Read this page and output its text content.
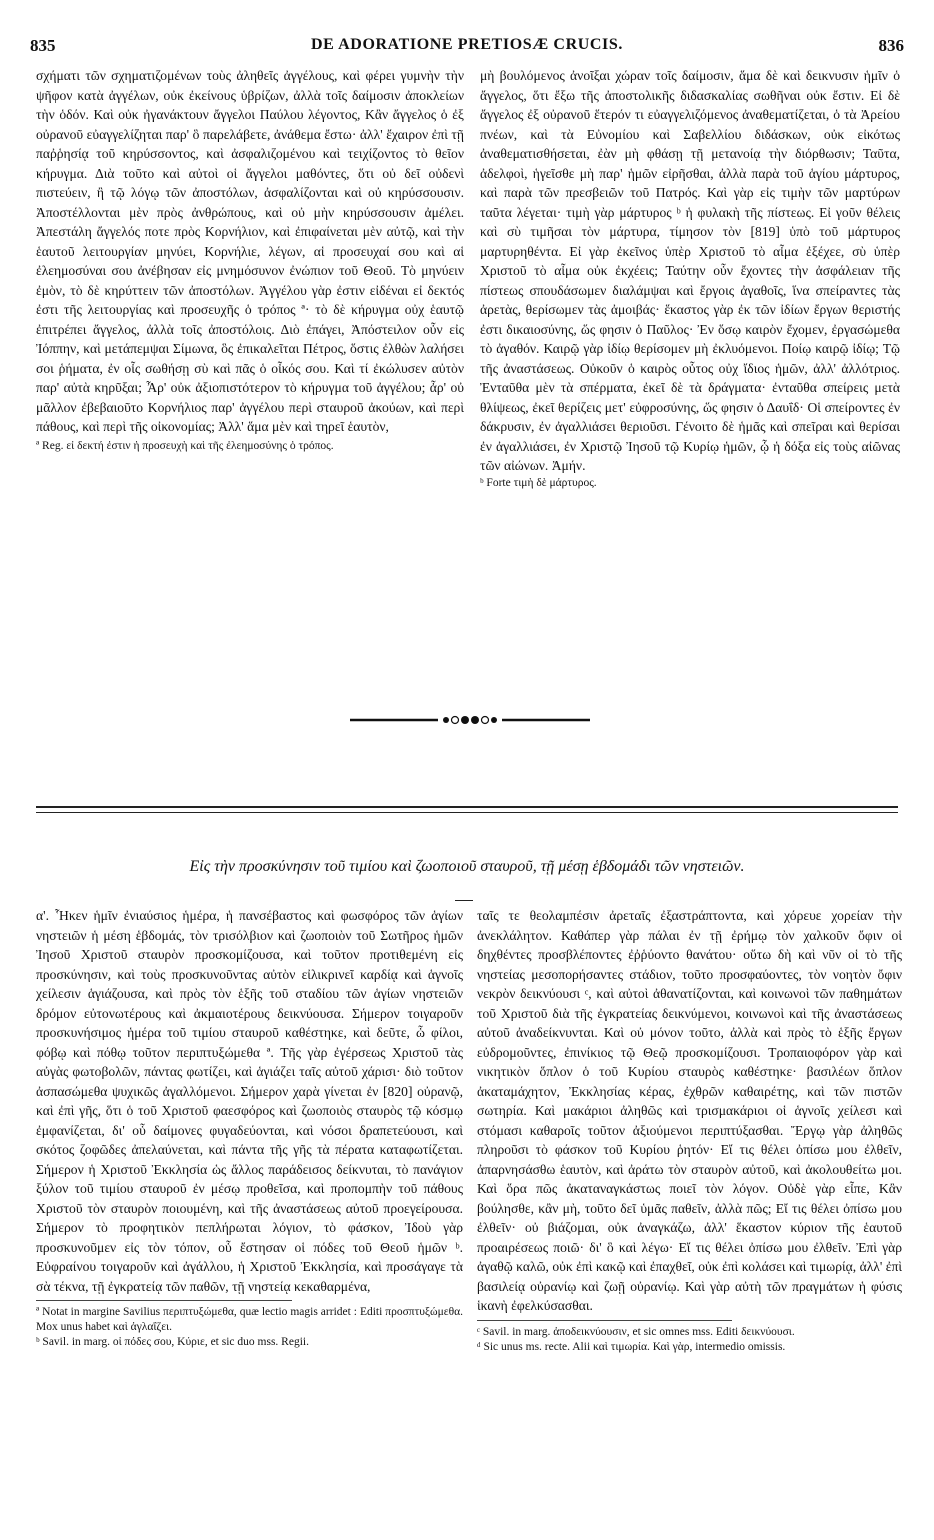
835	DE ADORATIONE PRETIOSÆ CRUCIS.	836

σχήματι τῶν σχηματιζομένων τοὺς ἀληθεῖς ἀγγέλους, καὶ φέρει γυμνὴν τὴν ψῆφον κατὰ ἀγγέλων, οὐκ ἐκείνους ὑβρίζων, ἀλλὰ τοῖς δαίμοσιν ἀποκλείων τὴν ὁδόν. Καὶ οὐκ ἠγανάκτουν ἄγγελοι Παύλου λέγοντος, Κἂν ἄγγελος ὁ ἐξ οὐρανοῦ εὐαγγελίζηται παρ' ὃ παρελάβετε, ἀνάθεμα ἔστω· ἀλλ' ἔχαιρον ἐπὶ τῇ παῤῥησίᾳ τοῦ κηρύσσοντος, καὶ ἀσφαλιζομένου καὶ τειχίζοντος τὸ θεῖον κήρυγμα. Διὰ τοῦτο καὶ αὐτοὶ οἱ ἄγγελοι μαθόντες, ὅτι οὐ δεῖ οὐδενὶ πιστεύειν, ἢ τῷ λόγῳ τῶν ἀποστόλων, ἀσφαλίζονται καὶ οὐ κηρύσσουσιν. Ἀποστέλλονται μὲν πρὸς ἀνθρώπους, καὶ οὐ μὴν κηρύσσουσιν ἀμέλει. Ἀπεστάλη ἄγγελός ποτε πρὸς Κορνήλιον, καὶ ἐπιφαίνεται μὲν αὐτῷ, καὶ τὴν ἑαυτοῦ λειτουργίαν μηνύει, Κορνήλιε, λέγων, αἱ προσευχαί σου καὶ αἱ ἐλεημοσύναι σου ἀνέβησαν εἰς μνημόσυνον ἐνώπιον τοῦ Θεοῦ. Τὸ μηνύειν ἐμὸν, τὸ δὲ κηρύττειν τῶν ἀποστόλων. Ἀγγέλου γὰρ ἐστιν εἰδέναι εἰ δεκτός ἐστι τῆς λειτουργίας καὶ προσευχῆς ὁ τρόπος ª· τὸ δὲ κήρυγμα οὐχ ἑαυτῷ ἐπιτρέπει ἄγγελος, ἀλλὰ τοῖς ἀποστόλοις. Διὸ ἐπάγει, Ἀπόστειλον οὖν εἰς Ἰόππην, καὶ μετάπεμψαι Σίμωνα, ὃς ἐπικαλεῖται Πέτρος, ὅστις ἐλθὼν λαλήσει σοι ῥήματα, ἐν οἷς σωθήσῃ σὺ καὶ πᾶς ὁ οἶκός σου. Καὶ τί ἐκώλυσεν αὐτὸν παρ' αὐτὰ κηρῦξαι; Ἆρ' οὐκ ἀξιοπιστότερον τὸ κήρυγμα τοῦ ἀγγέλου; ἆρ' οὐ μᾶλλον ἐβεβαιοῦτο Κορνήλιος παρ' ἀγγέλου περὶ σταυροῦ ἀκούων, καὶ περὶ πάθους, καὶ περὶ τῆς οἰκονομίας; Ἀλλ' ἅμα μὲν καὶ τηρεῖ ἑαυτὸν,

ª Reg. εἰ δεκτή ἐστιν ἡ προσευχὴ καὶ τῆς ἐλεημοσύνης ὁ τρόπος.

μὴ βουλόμενος ἀνοῖξαι χώραν τοῖς δαίμοσιν, ἅμα δὲ καὶ δεικνυσιν ἡμῖν ὁ ἄγγελος, ὅτι ἔξω τῆς ἀποστολικῆς διδασκαλίας σωθῆναι οὐκ ἔστιν. Εἰ δὲ ἄγγελος ἐξ οὐρανοῦ ἕτερόν τι εὐαγγελιζόμενος ἀναθεματίζεται, ὁ τὰ Ἀρείου πνέων, καὶ τὰ Εὐνομίου καὶ Σαβελλίου διδάσκων, οὐκ εἰκότως ἀναθεματισθήσεται, ἐὰν μὴ φθάσῃ τῇ μετανοίᾳ τὴν διόρθωσιν; Ταῦτα, ἀδελφοὶ, ἡγεῖσθε μὴ παρ' ἡμῶν εἰρῆσθαι, ἀλλὰ παρὰ τοῦ ἁγίου μάρτυρος, καὶ παρὰ τῶν πρεσβειῶν τοῦ Πατρός. Καὶ γὰρ εἰς τιμὴν τῶν μαρτύρων ταῦτα λέγεται· τιμὴ γὰρ μάρτυρος ᵇ ἡ φυλακὴ τῆς πίστεως. Εἰ γοῦν θέλεις καὶ σὺ τιμῆσαι τὸν μάρτυρα, τίμησον τὸν [819] ὑπὸ τοῦ μάρτυρος μαρτυρηθέντα. Εἰ γὰρ ἐκεῖνος ὑπὲρ Χριστοῦ τὸ αἷμα ἐξέχεε, σὺ ὑπὲρ Χριστοῦ τὸ αἷμα οὐκ ἐκχέεις; Ταύτην οὖν ἔχοντες τὴν ἀσφάλειαν τῆς πίστεως σπουδάσωμεν διαλάμψαι καὶ ἔργοις ἀγαθοῖς, ἵνα σπείραντες τὰς ἀρετὰς, θερίσωμεν τὰς ἀμοιβάς· ἕκαστος γὰρ ἐκ τῶν ἰδίων ἔργων θεριστής ἐστι δικαιοσύνης, ὥς φησιν ὁ Παῦλος· Ἐν ὅσῳ καιρὸν ἔχομεν, ἐργασώμεθα τὸ ἀγαθόν. Καιρῷ γὰρ ἰδίῳ θερίσομεν μὴ ἐκλυόμενοι. Ποίῳ καιρῷ ἰδίῳ; Τῷ τῆς ἀναστάσεως. Οὐκοῦν ὁ καιρὸς οὗτος οὐχ ἴδιος ἡμῶν, ἀλλ' ἀλλότριος. Ἐνταῦθα μὲν τὰ σπέρματα, ἐκεῖ δὲ τὰ δράγματα· ἐνταῦθα σπείρεις μετὰ θλίψεως, ἐκεῖ θερίζεις μετ' εὐφροσύνης, ὥς φησιν ὁ Δαυΐδ· Οἱ σπείροντες ἐν δάκρυσιν, ἐν ἀγαλλιάσει θεριοῦσι. Γένοιτο δὲ ἡμᾶς καὶ σπεῖραι καὶ θερίσαι ἐν ἀγαλλιάσει, ἐν Χριστῷ Ἰησοῦ τῷ Κυρίῳ ἡμῶν, ᾧ ἡ δόξα εἰς τοὺς αἰῶνας τῶν αἰώνων. Ἀμήν.

ᵇ Forte τιμὴ δὲ μάρτυρος.

Εἰς τὴν προσκύνησιν τοῦ τιμίου καὶ ζωοποιοῦ σταυροῦ, τῇ μέσῃ ἑβδομάδι τῶν νηστειῶν.

α'. Ἧκεν ἡμῖν ἐνιαύσιος ἡμέρα, ἡ πανσέβαστος καὶ φωσφόρος τῶν ἁγίων νηστειῶν ἡ μέση ἑβδομάς, τὸν τρισόλβιον καὶ ζωοποιὸν τοῦ Σωτῆρος ἡμῶν Ἰησοῦ Χριστοῦ σταυρὸν προσκομίζουσα, καὶ τοῦτον προτιθεμένη εἰς προσκύνησιν, καὶ τοὺς προσκυνοῦντας αὐτὸν εἰλικρινεῖ καρδίᾳ καὶ ἁγνοῖς χείλεσιν ἁγιάζουσα, καὶ πρὸς τὸν ἑξῆς τοῦ σταδίου τῶν ἁγίων νηστειῶν δρόμον εὐτονωτέρους καὶ ἀκμαιοτέρους δεικνύουσα. Σήμερον τοιγαροῦν προσκυνήσιμος ἡμέρα τοῦ τιμίου σταυροῦ καθέστηκε, καὶ δεῦτε, ὦ φίλοι, φόβῳ καὶ πόθῳ τοῦτον περιπτυξώμεθα ª. Τῆς γὰρ ἐγέρσεως Χριστοῦ τὰς αὐγὰς φωτοβολῶν, πάντας φωτίζει, καὶ ἁγιάζει ταῖς αὐτοῦ χάρισι· διὸ τοῦτον ἀσπασώμεθα ψυχικῶς ἀγαλλόμενοι. Σήμερον χαρὰ γίνεται ἐν [820] οὐρανῷ, καὶ ἐπὶ γῆς, ὅτι ὁ τοῦ Χριστοῦ φαεσφόρος καὶ ζωοποιὸς σταυρὸς τῷ κόσμῳ ἐμφανίζεται, δι' οὗ δαίμονες φυγαδεύονται, καὶ νόσοι δραπετεύουσι, καὶ σκότος ζοφῶδες ἀπελαύνεται, καὶ πάντα τῆς γῆς τὰ πέρατα καταφωτίζεται. Σήμερον ἡ Χριστοῦ Ἐκκλησία ὡς ἄλλος παράδεισος δείκνυται, τὸ πανάγιον ξύλον τοῦ τιμίου σταυροῦ ἐν μέσῳ προθεῖσα, καὶ προπομπὴν τοῦ πάθους Χριστοῦ τὸν σταυρὸν ποιουμένη, καὶ τῆς ἀναστάσεως αὐτοῦ προεγείρουσα. Σήμερον τὸ προφητικὸν πεπλήρωται λόγιον, τὸ φάσκον, Ἰδοὺ γὰρ προσκυνοῦμεν εἰς τὸν τόπον, οὗ ἔστησαν οἱ πόδες τοῦ Θεοῦ ἡμῶν ᵇ. Εὐφραίνου τοιγαροῦν καὶ ἀγάλλου, ἡ Χριστοῦ Ἐκκλησία, καὶ προσάγαγε τὰ σὰ τέκνα, τῇ ἐγκρατείᾳ τῶν παθῶν, τῇ νηστείᾳ κεκαθαρμένα,

ª Notat in margine Savilius περιπτυξώμεθα, quæ lectio magis arridet : Editi προσπτυξώμεθα. Mox unus habet καὶ ἀγλαΐζει.

ᵇ Savil. in marg. οἱ πόδες σου, Κύριε, et sic duo mss. Regii.

ταῖς τε θεολαμπέσιν ἀρεταῖς ἐξαστράπτοντα, καὶ χόρευε χορείαν τὴν ἀνεκλάλητον. Καθάπερ γὰρ πάλαι ἐν τῇ ἐρήμῳ τὸν χαλκοῦν ὄφιν οἱ δηχθέντες προσβλέποντες ἐῤῥύοντο θανάτου· οὕτω δὴ καὶ νῦν οἱ τὸ τῆς νηστείας μεσοπορήσαντες στάδιον, τοῦτο προσφαύοντες, τὸν νοητὸν ὄφιν νεκρὸν δεικνύουσι ᶜ, καὶ αὐτοὶ ἀθανατίζονται, καὶ κοινωνοὶ τῶν παθημάτων τοῦ Χριστοῦ διὰ τῆς ἐγκρατείας δεικνύμενοι, κοινωνοὶ καὶ τῆς ἀναστάσεως αὐτοῦ ἀναδείκνυνται. Καὶ οὐ μόνον τοῦτο, ἀλλὰ καὶ πρὸς τὸ ἑξῆς ἔργων εὐδρομοῦντες, ἐπινίκιος τῷ Θεῷ προσκομίζουσι. Τροπαιοφόρον γὰρ καὶ νικητικὸν ὅπλον ὁ τοῦ Κυρίου σταυρὸς καθέστηκε· βασιλέων ὅπλον ἀκαταμάχητον, Ἐκκλησίας κέρας, ἐχθρῶν καθαιρέτης, καὶ τῶν πιστῶν σωτηρία. Καὶ μακάριοι ἀληθῶς καὶ τρισμακάριοι οἱ ἁγνοῖς χείλεσι καὶ στόμασι καθαροῖς τοῦτον ἀξιούμενοι περιπτύξασθαι. Ἔργῳ γὰρ ἀληθῶς πληροῦσι τὸ φάσκον τοῦ Κυρίου ῥητόν· Εἴ τις θέλει ὀπίσω μου ἐλθεῖν, ἀπαρνησάσθω ἑαυτὸν, καὶ ἀράτω τὸν σταυρὸν αὐτοῦ, καὶ ἀκολουθείτω μοι. Καὶ ὅρα πῶς ἀκαταναγκάστως ποιεῖ τὸν λόγον. Οὐδὲ γὰρ εἶπε, Κἂν βούλησθε, κἂν μὴ, τοῦτο δεῖ ὑμᾶς παθεῖν, ἀλλὰ πῶς; Εἴ τις θέλει ὀπίσω μου ἐλθεῖν· οὐ βιάζομαι, οὐκ ἀναγκάζω, ἀλλ' ἕκαστον κύριον τῆς ἑαυτοῦ προαιρέσεως ποιῶ· δι' ὃ καὶ λέγω· Εἴ τις θέλει ὀπίσω μου ἐλθεῖν. Ἐπὶ γὰρ ἀγαθῷ καλῶ, οὐκ ἐπὶ κακῷ καὶ ἐπαχθεῖ, οὐκ ἐπὶ κολάσει καὶ τιμωρίᾳ, ἀλλ' ἐπὶ βασιλείᾳ οὐρανίῳ καὶ ζωῇ οὐρανίῳ. Καὶ γὰρ αὐτὴ τῶν πραγμάτων ἡ φύσις ἱκανὴ ἐφελκύσασθαι.

ᶜ Savil. in marg. ἀποδεικνύουσιν, et sic omnes mss. Editi δεικνύουσι.

ᵈ Sic unus ms. recte. Alii καὶ τιμωρία. Καὶ γὰρ, intermedio omissis.
